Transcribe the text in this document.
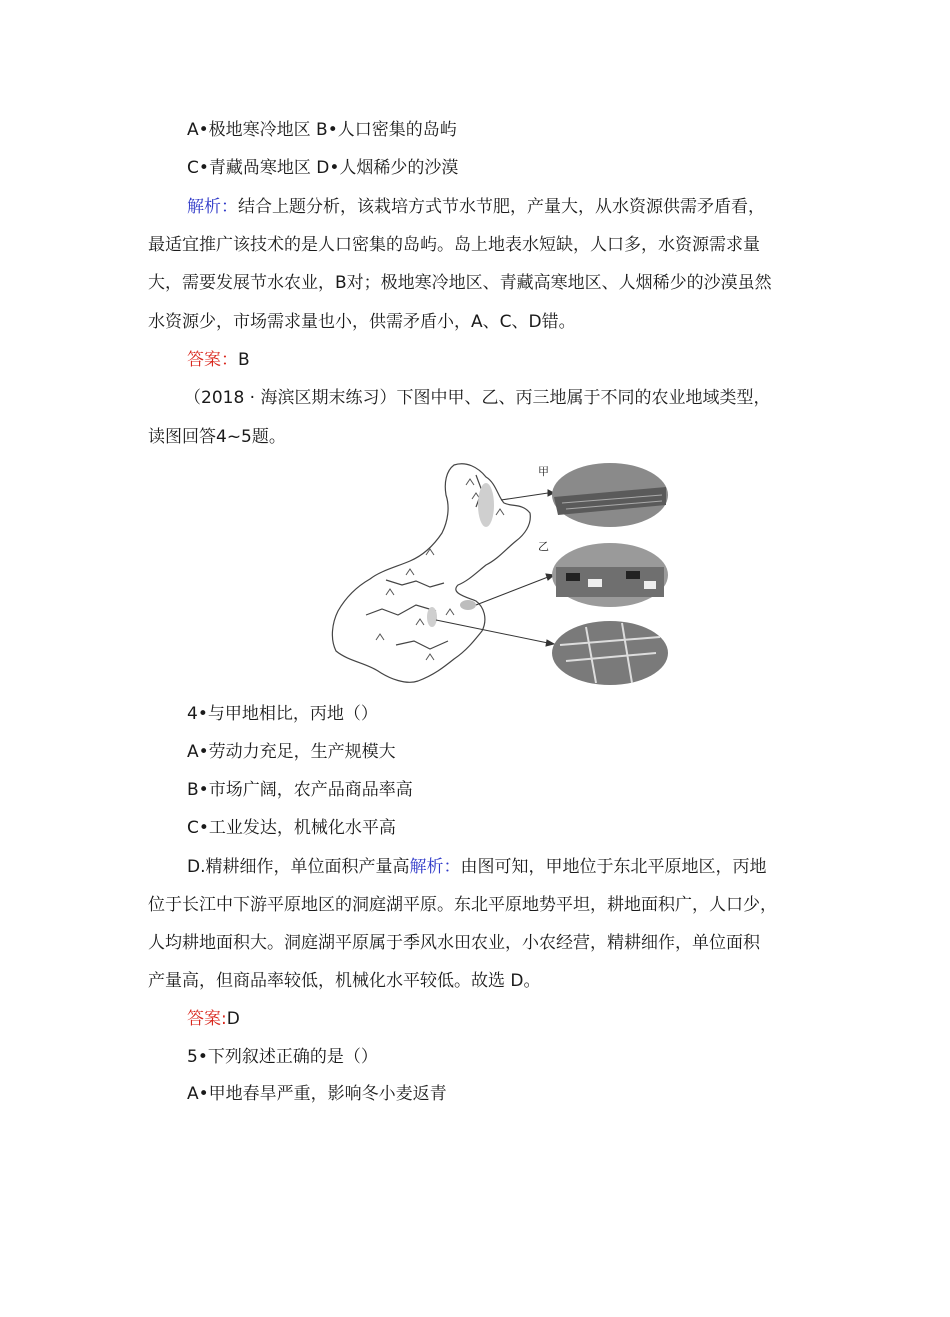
A•极地寒冷地区 B•人口密集的岛屿
C•青藏咼寒地区 D•人烟稀少的沙漠
解析：结合上题分析，该栽培方式节水节肥，产量大，从水资源供需矛盾看，
最适宜推广该技术的是人口密集的岛屿。岛上地表水短缺，人口多，水资源需求量
大，需要发展节水农业，B对；极地寒冷地区、青藏高寒地区、人烟稀少的沙漠虽然
水资源少，市场需求量也小，供需矛盾小，A、C、D错。
答案：B
（2018 · 海滨区期末练习）下图中甲、乙、丙三地属于不同的农业地域类型，
读图回答4~5题。
甲
乙
4•与甲地相比，丙地（）
A•劳动力充足，生产规模大
B•市场广阔，农产品商品率高
C•工业发达，机械化水平高
D.精耕细作，单位面积产量高解析：由图可知，甲地位于东北平原地区，丙地
位于长江中下游平原地区的洞庭湖平原。东北平原地势平坦，耕地面积广，人口少，
人均耕地面积大。洞庭湖平原属于季风水田农业，小农经营，精耕细作，单位面积
产量高，但商品率较低，机械化水平较低。故选 D。
答案:D
5•下列叙述正确的是（）
A•甲地春旱严重，影响冬小麦返青
